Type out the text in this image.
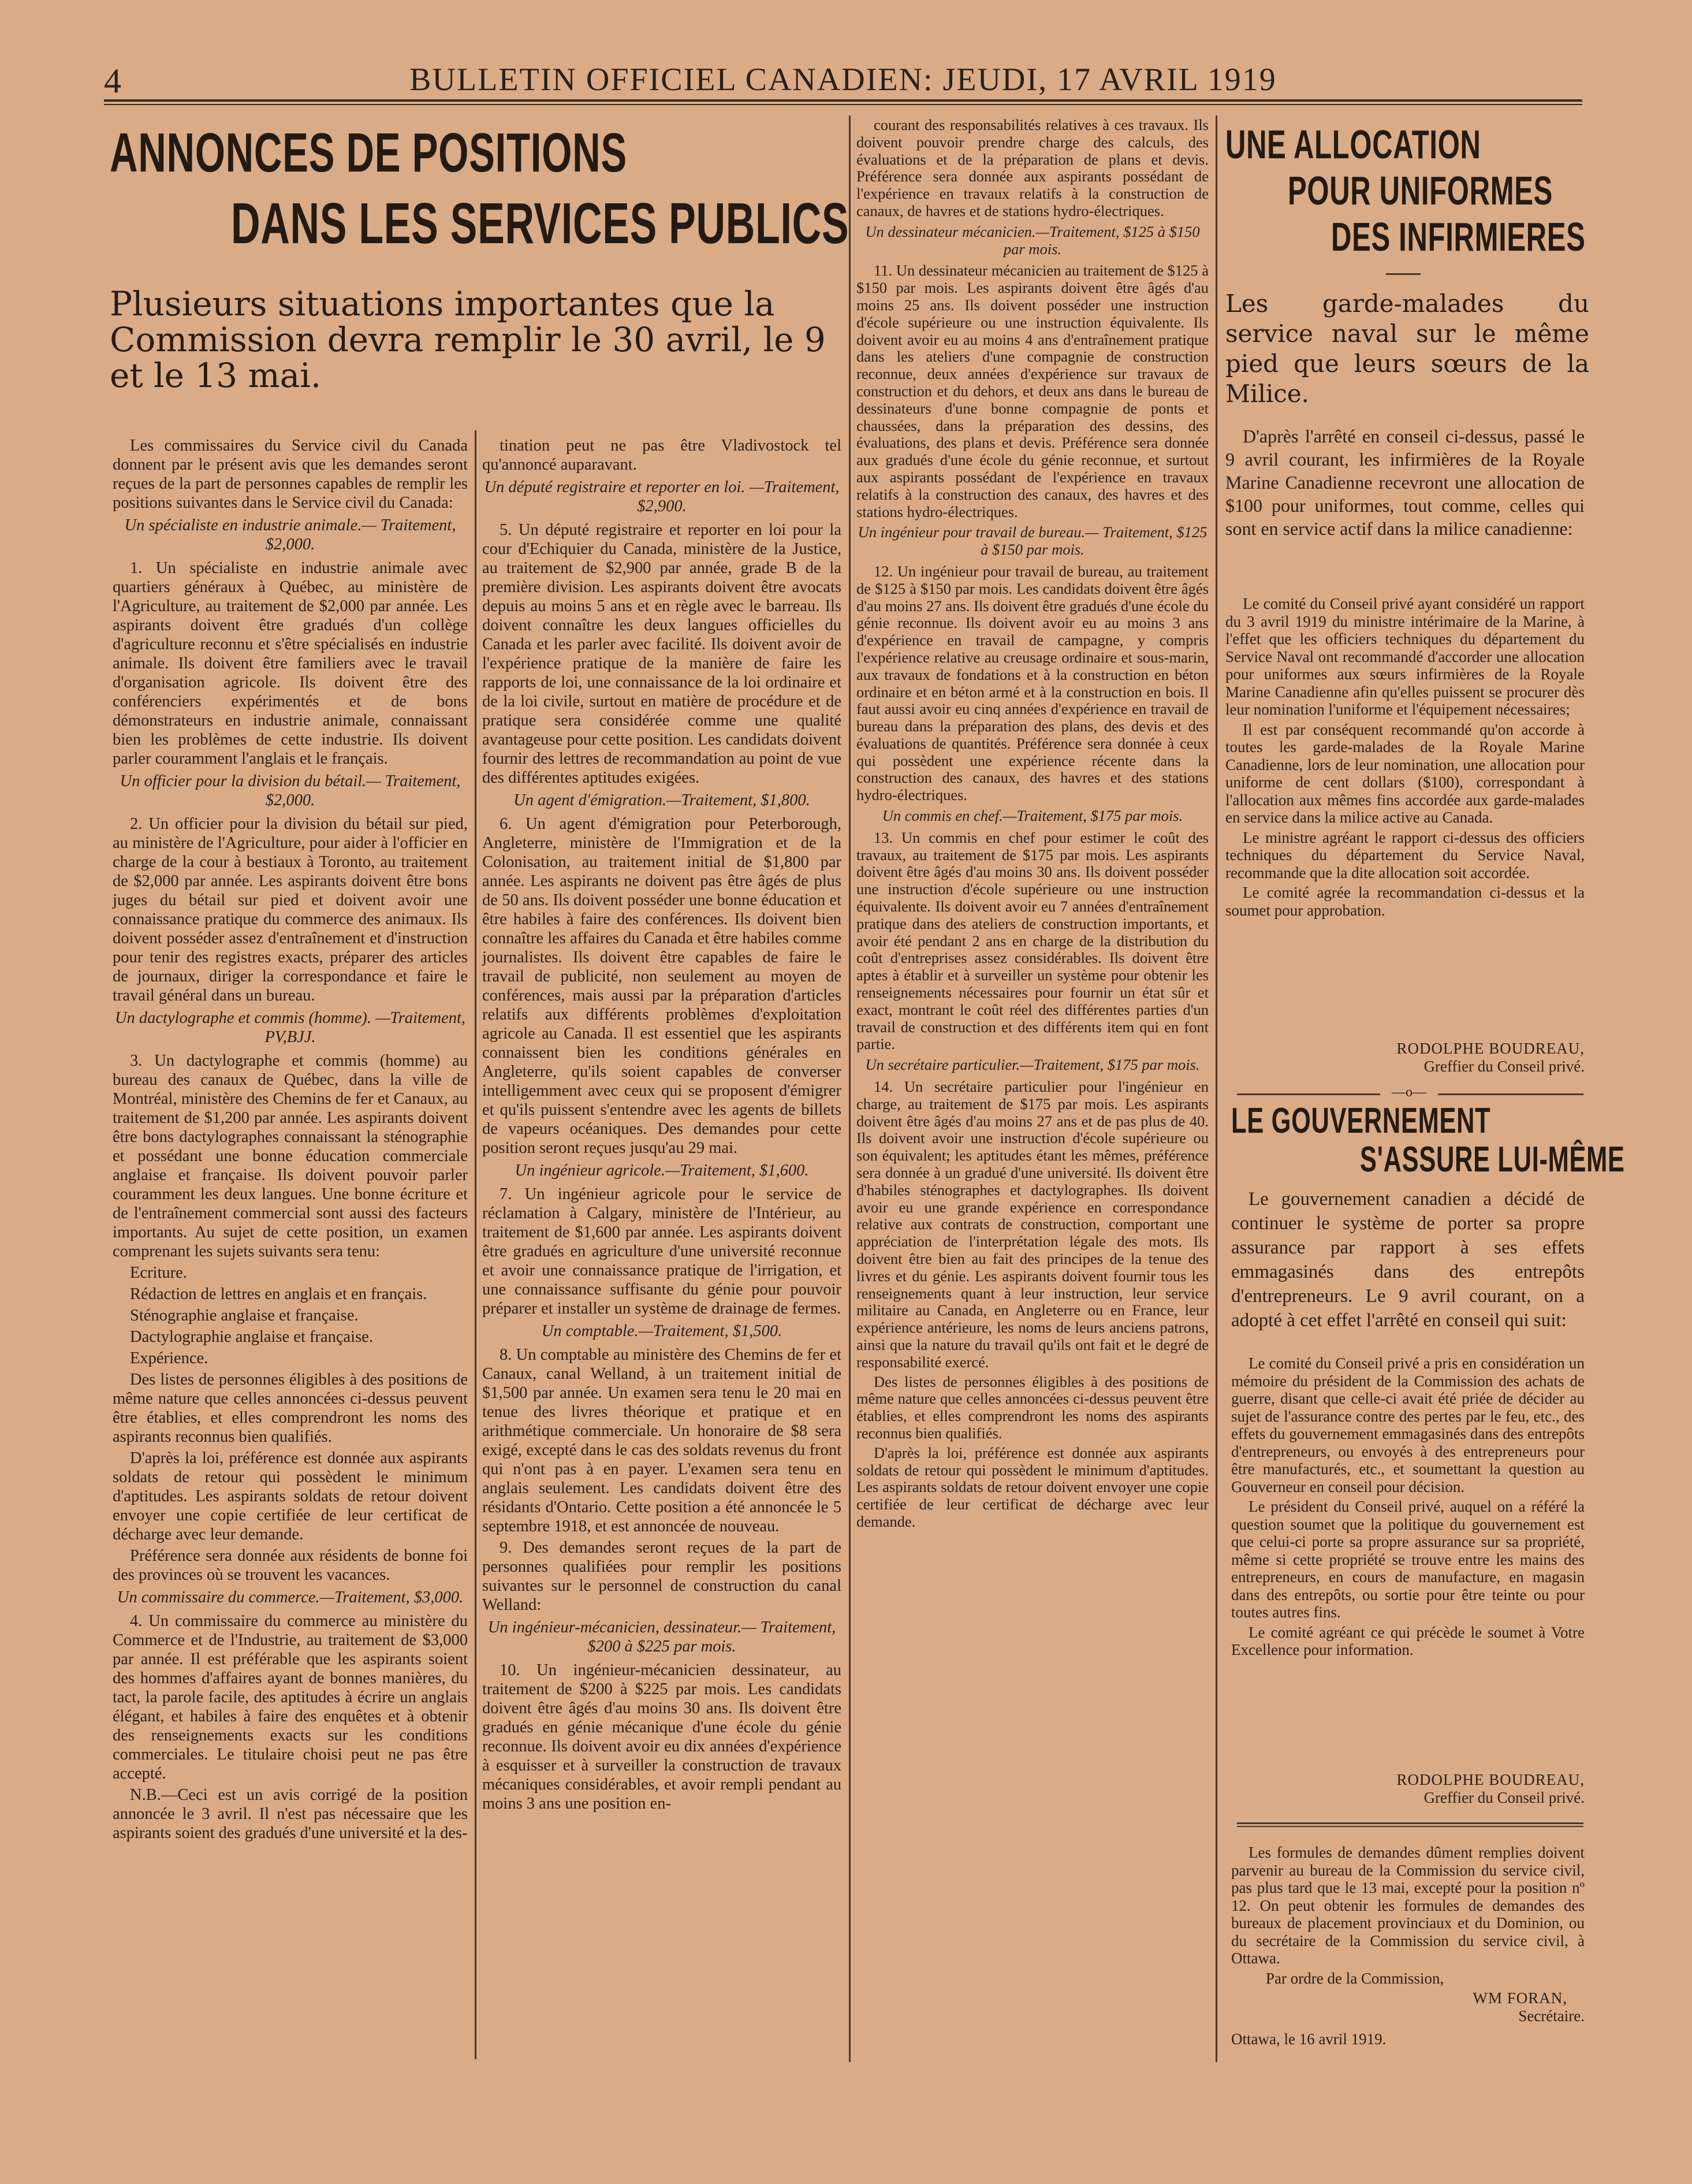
4	BULLETIN OFFICIEL CANADIEN: JEUDI, 17 AVRIL 1919
ANNONCES DE POSITIONS
DANS LES SERVICES PUBLICS
Plusieurs situations importantes que la Commission devra remplir le 30 avril, le 9 et le 13 mai.

Les commissaires du Service civil du Canada donnent par le présent avis que les demandes seront reçues de la part de personnes capables de remplir les positions suivantes dans le Service civil du Canada:

Un spécialiste en industrie animale.— Traitement, $2,000.

1. Un spécialiste en industrie animale avec quartiers généraux à Québec, au ministère de l'Agriculture, au traitement de $2,000 par année. Les aspirants doivent être gradués d'un collège d'agriculture reconnu et s'être spécialisés en industrie animale. Ils doivent être familiers avec le travail d'organisation agricole. Ils doivent être des conférenciers expérimentés et de bons démonstrateurs en industrie animale, connaissant bien les problèmes de cette industrie. Ils doivent parler couramment l'anglais et le français.

Un officier pour la division du bétail.— Traitement, $2,000.

2. Un officier pour la division du bétail sur pied, au ministère de l'Agriculture, pour aider à l'officier en charge de la cour à bestiaux à Toronto, au traitement de $2,000 par année. Les aspirants doivent être bons juges du bétail sur pied et doivent avoir une connaissance pratique du commerce des animaux. Ils doivent posséder assez d'entraînement et d'instruction pour tenir des registres exacts, préparer des articles de journaux, diriger la correspondance et faire le travail général dans un bureau.

Un dactylographe et commis (homme). —Traitement, PV,BJJ.

3. Un dactylographe et commis (homme) au bureau des canaux de Québec, dans la ville de Montréal, ministère des Chemins de fer et Canaux, au traitement de $1,200 par année. Les aspirants doivent être bons dactylographes connaissant la sténographie et possédant une bonne éducation commerciale anglaise et française. Ils doivent pouvoir parler couramment les deux langues. Une bonne écriture et de l'entraînement commercial sont aussi des facteurs importants. Au sujet de cette position, un examen comprenant les sujets suivants sera tenu:

Ecriture.

Rédaction de lettres en anglais et en français.

Sténographie anglaise et française.

Dactylographie anglaise et française.

Expérience.

Des listes de personnes éligibles à des positions de même nature que celles annoncées ci-dessus peuvent être établies, et elles comprendront les noms des aspirants reconnus bien qualifiés.

D'après la loi, préférence est donnée aux aspirants soldats de retour qui possèdent le minimum d'aptitudes. Les aspirants soldats de retour doivent envoyer une copie certifiée de leur certificat de décharge avec leur demande.

Préférence sera donnée aux résidents de bonne foi des provinces où se trouvent les vacances.

Un commissaire du commerce.—Traitement, $3,000.

4. Un commissaire du commerce au ministère du Commerce et de l'Industrie, au traitement de $3,000 par année. Il est préférable que les aspirants soient des hommes d'affaires ayant de bonnes manières, du tact, la parole facile, des aptitudes à écrire un anglais élégant, et habiles à faire des enquêtes et à obtenir des renseignements exacts sur les conditions commerciales. Le titulaire choisi peut ne pas être accepté.

N.B.—Ceci est un avis corrigé de la position annoncée le 3 avril. Il n'est pas nécessaire que les aspirants soient des gradués d'une université et la des-

tination peut ne pas être Vladivostock tel qu'annoncé auparavant.

Un député registraire et reporter en loi. —Traitement, $2,900.

5. Un député registraire et reporter en loi pour la cour d'Echiquier du Canada, ministère de la Justice, au traitement de $2,900 par année, grade B de la première division. Les aspirants doivent être avocats depuis au moins 5 ans et en règle avec le barreau. Ils doivent connaître les deux langues officielles du Canada et les parler avec facilité. Ils doivent avoir de l'expérience pratique de la manière de faire les rapports de loi, une connaissance de la loi ordinaire et de la loi civile, surtout en matière de procédure et de pratique sera considérée comme une qualité avantageuse pour cette position. Les candidats doivent fournir des lettres de recommandation au point de vue des différentes aptitudes exigées.

Un agent d'émigration.—Traitement, $1,800.

6. Un agent d'émigration pour Peterborough, Angleterre, ministère de l'Immigration et de la Colonisation, au traitement initial de $1,800 par année. Les aspirants ne doivent pas être âgés de plus de 50 ans. Ils doivent posséder une bonne éducation et être habiles à faire des conférences. Ils doivent bien connaître les affaires du Canada et être habiles comme journalistes. Ils doivent être capables de faire le travail de publicité, non seulement au moyen de conférences, mais aussi par la préparation d'articles relatifs aux différents problèmes d'exploitation agricole au Canada. Il est essentiel que les aspirants connaissent bien les conditions générales en Angleterre, qu'ils soient capables de converser intelligemment avec ceux qui se proposent d'émigrer et qu'ils puissent s'entendre avec les agents de billets de vapeurs océaniques. Des demandes pour cette position seront reçues jusqu'au 29 mai.

Un ingénieur agricole.—Traitement, $1,600.

7. Un ingénieur agricole pour le service de réclamation à Calgary, ministère de l'Intérieur, au traitement de $1,600 par année. Les aspirants doivent être gradués en agriculture d'une université reconnue et avoir une connaissance pratique de l'irrigation, et une connaissance suffisante du génie pour pouvoir préparer et installer un système de drainage de fermes.

Un comptable.—Traitement, $1,500.

8. Un comptable au ministère des Chemins de fer et Canaux, canal Welland, à un traitement initial de $1,500 par année. Un examen sera tenu le 20 mai en tenue des livres théorique et pratique et en arithmétique commerciale. Un honoraire de $8 sera exigé, excepté dans le cas des soldats revenus du front qui n'ont pas à en payer. L'examen sera tenu en anglais seulement. Les candidats doivent être des résidants d'Ontario. Cette position a été annoncée le 5 septembre 1918, et est annoncée de nouveau.

9. Des demandes seront reçues de la part de personnes qualifiées pour remplir les positions suivantes sur le personnel de construction du canal Welland:

Un ingénieur-mécanicien, dessinateur.— Traitement, $200 à $225 par mois.

10. Un ingénieur-mécanicien dessinateur, au traitement de $200 à $225 par mois. Les candidats doivent être âgés d'au moins 30 ans. Ils doivent être gradués en génie mécanique d'une école du génie reconnue. Ils doivent avoir eu dix années d'expérience à esquisser et à surveiller la construction de travaux mécaniques considérables, et avoir rempli pendant au moins 3 ans une position en-

courant des responsabilités relatives à ces travaux. Ils doivent pouvoir prendre charge des calculs, des évaluations et de la préparation de plans et devis. Préférence sera donnée aux aspirants possédant de l'expérience en travaux relatifs à la construction de canaux, de havres et de stations hydro-électriques.

Un dessinateur mécanicien.—Traitement, $125 à $150 par mois.

11. Un dessinateur mécanicien au traitement de $125 à $150 par mois. Les aspirants doivent être âgés d'au moins 25 ans. Ils doivent posséder une instruction d'école supérieure ou une instruction équivalente. Ils doivent avoir eu au moins 4 ans d'entraînement pratique dans les ateliers d'une compagnie de construction reconnue, deux années d'expérience sur travaux de construction et du dehors, et deux ans dans le bureau de dessinateurs d'une bonne compagnie de ponts et chaussées, dans la préparation des dessins, des évaluations, des plans et devis. Préférence sera donnée aux gradués d'une école du génie reconnue, et surtout aux aspirants possédant de l'expérience en travaux relatifs à la construction des canaux, des havres et des stations hydro-électriques.

Un ingénieur pour travail de bureau.— Traitement, $125 à $150 par mois.

12. Un ingénieur pour travail de bureau, au traitement de $125 à $150 par mois. Les candidats doivent être âgés d'au moins 27 ans. Ils doivent être gradués d'une école du génie reconnue. Ils doivent avoir eu au moins 3 ans d'expérience en travail de campagne, y compris l'expérience relative au creusage ordinaire et sous-marin, aux travaux de fondations et à la construction en béton ordinaire et en béton armé et à la construction en bois. Il faut aussi avoir eu cinq années d'expérience en travail de bureau dans la préparation des plans, des devis et des évaluations de quantités. Préférence sera donnée à ceux qui possèdent une expérience récente dans la construction des canaux, des havres et des stations hydro-électriques.

Un commis en chef.—Traitement, $175 par mois.

13. Un commis en chef pour estimer le coût des travaux, au traitement de $175 par mois. Les aspirants doivent être âgés d'au moins 30 ans. Ils doivent posséder une instruction d'école supérieure ou une instruction équivalente. Ils doivent avoir eu 7 années d'entraînement pratique dans des ateliers de construction importants, et avoir été pendant 2 ans en charge de la distribution du coût d'entreprises assez considérables. Ils doivent être aptes à établir et à surveiller un système pour obtenir les renseignements nécessaires pour fournir un état sûr et exact, montrant le coût réel des différentes parties d'un travail de construction et des différents item qui en font partie.

Un secrétaire particulier.—Traitement, $175 par mois.

14. Un secrétaire particulier pour l'ingénieur en charge, au traitement de $175 par mois. Les aspirants doivent être âgés d'au moins 27 ans et de pas plus de 40. Ils doivent avoir une instruction d'école supérieure ou son équivalent; les aptitudes étant les mêmes, préférence sera donnée à un gradué d'une université. Ils doivent être d'habiles sténographes et dactylographes. Ils doivent avoir eu une grande expérience en correspondance relative aux contrats de construction, comportant une appréciation de l'interprétation légale des mots. Ils doivent être bien au fait des principes de la tenue des livres et du génie. Les aspirants doivent fournir tous les renseignements quant à leur instruction, leur service militaire au Canada, en Angleterre ou en France, leur expérience antérieure, les noms de leurs anciens patrons, ainsi que la nature du travail qu'ils ont fait et le degré de responsabilité exercé.

Des listes de personnes éligibles à des positions de même nature que celles annoncées ci-dessus peuvent être établies, et elles comprendront les noms des aspirants reconnus bien qualifiés.

D'après la loi, préférence est donnée aux aspirants soldats de retour qui possèdent le minimum d'aptitudes. Les aspirants soldats de retour doivent envoyer une copie certifiée de leur certificat de décharge avec leur demande.

UNE ALLOCATION
POUR UNIFORMES
DES INFIRMIERES
Les garde-malades du service naval sur le même pied que leurs sœurs de la Milice.

D'après l'arrêté en conseil ci-dessus, passé le 9 avril courant, les infirmières de la Royale Marine Canadienne recevront une allocation de $100 pour uniformes, tout comme, celles qui sont en service actif dans la milice canadienne:

Le comité du Conseil privé ayant considéré un rapport du 3 avril 1919 du ministre intérimaire de la Marine, à l'effet que les officiers techniques du département du Service Naval ont recommandé d'accorder une allocation pour uniformes aux sœurs infirmières de la Royale Marine Canadienne afin qu'elles puissent se procurer dès leur nomination l'uniforme et l'équipement nécessaires;

Il est par conséquent recommandé qu'on accorde à toutes les garde-malades de la Royale Marine Canadienne, lors de leur nomination, une allocation pour uniforme de cent dollars ($100), correspondant à l'allocation aux mêmes fins accordée aux garde-malades en service dans la milice active au Canada.

Le ministre agréant le rapport ci-dessus des officiers techniques du département du Service Naval, recommande que la dite allocation soit accordée.

Le comité agrée la recommandation ci-dessus et la soumet pour approbation.

RODOLPHE BOUDREAU,

Greffier du Conseil privé.

—o—
LE GOUVERNEMENT
S'ASSURE LUI-MÊME

Le gouvernement canadien a décidé de continuer le système de porter sa propre assurance par rapport à ses effets emmagasinés dans des entrepôts d'entrepreneurs. Le 9 avril courant, on a adopté à cet effet l'arrêté en conseil qui suit:

Le comité du Conseil privé a pris en considération un mémoire du président de la Commission des achats de guerre, disant que celle-ci avait été priée de décider au sujet de l'assurance contre des pertes par le feu, etc., des effets du gouvernement emmagasinés dans des entrepôts d'entrepreneurs, ou envoyés à des entrepreneurs pour être manufacturés, etc., et soumettant la question au Gouverneur en conseil pour décision.

Le président du Conseil privé, auquel on a référé la question soumet que la politique du gouvernement est que celui-ci porte sa propre assurance sur sa propriété, même si cette propriété se trouve entre les mains des entrepreneurs, en cours de manufacture, en magasin dans des entrepôts, ou sortie pour être teinte ou pour toutes autres fins.

Le comité agréant ce qui précède le soumet à Votre Excellence pour information.

RODOLPHE BOUDREAU,

Greffier du Conseil privé.

Les formules de demandes dûment remplies doivent parvenir au bureau de la Commission du service civil, pas plus tard que le 13 mai, excepté pour la position nº 12. On peut obtenir les formules de demandes des bureaux de placement provinciaux et du Dominion, ou du secrétaire de la Commission du service civil, à Ottawa.

Par ordre de la Commission,

WM FORAN,

Secrétaire.

Ottawa, le 16 avril 1919.
